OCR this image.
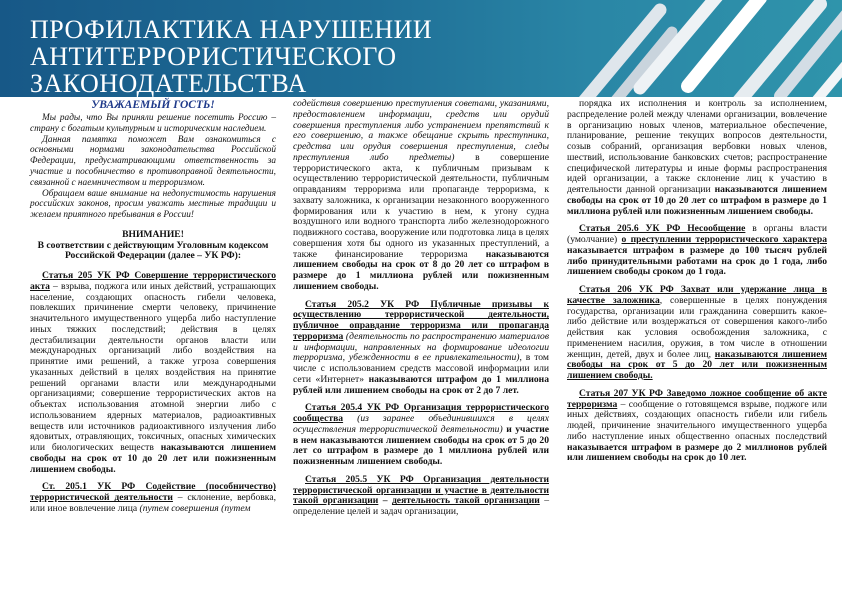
ПРОФИЛАКТИКА НАРУШЕНИИ АНТИТЕРРОРИСТИЧЕСКОГО ЗАКОНОДАТЕЛЬСТВА

УВАЖАЕМЫЙ ГОСТЬ!

Мы рады, что Вы приняли решение посетить Россию – страну с богатым культурным и историческим наследием.

Данная памятка поможет Вам ознакомиться с основными нормами законодательства Российской Федерации, предусматривающими ответственность за участие и пособничество в противоправной деятельности, связанной с наемничеством и терроризмом.

Обращаем ваше внимание на недопустимость нарушения российских законов, просим уважать местные традиции и желаем приятного пребывания в России!

ВНИМАНИЕ!

В соответствии с действующим Уголовным кодексом Российской Федерации (далее – УК РФ):

Статья 205 УК РФ Совершение террористического акта – взрыва, поджога или иных действий, устрашающих население, создающих опасность гибели человека, повлекших причинение смерти человеку, причинение значительного имущественного ущерба либо наступление иных тяжких последствий; действия в целях дестабилизации деятельности органов власти или международных организаций либо воздействия на принятие ими решений, а также угроза совершения указанных действий в целях воздействия на принятие решений органами власти или международными организациями; совершение террористических актов на объектах использования атомной энергии либо с использованием ядерных материалов, радиоактивных веществ или источников радиоактивного излучения либо ядовитых, отравляющих, токсичных, опасных химических или биологических веществ наказываются лишением свободы на срок от 10 до 20 лет или пожизненным лишением свободы.

Ст. 205.1 УК РФ Содействие (пособничество) террористической деятельности – склонение, вербовка, или иное вовлечение лица (путем совершения (путем

содействия совершению преступления советами, указаниями, предоставлением информации, средств или орудий совершения преступления либо устранением препятствий к его совершению, а также обещание скрыть преступника, средства или орудия совершения преступления, следы преступления либо предметы) в совершение террористического акта, к публичным призывам к осуществлению террористической деятельности, публичным оправданиям терроризма или пропаганде терроризма, к захвату заложника, к организации незаконного вооруженного формирования или к участию в нем, к угону судна воздушного или водного транспорта либо железнодорожного подвижного состава, вооружение или подготовка лица в целях совершения хотя бы одного из указанных преступлений, а также финансирование терроризма наказываются лишением свободы на срок от 8 до 20 лет со штрафом в размере до 1 миллиона рублей или пожизненным лишением свободы.

Статья 205.2 УК РФ Публичные призывы к осуществлению террористической деятельности, публичное оправдание терроризма или пропаганда терроризма (деятельность по распространению материалов и информации, направленных на формирование идеологии терроризма, убежденности в ее привлекательности), в том числе с использованием средств массовой информации или сети «Интернет» наказываются штрафом до 1 миллиона рублей или лишением свободы на срок от 2 до 7 лет.

Статья 205.4 УК РФ Организация террористического сообщества (из заранее объединившихся в целях осуществления террористической деятельности) и участие в нем наказываются лишением свободы на срок от 5 до 20 лет со штрафом в размере до 1 миллиона рублей или пожизненным лишением свободы.

Статья 205.5 УК РФ Организация деятельности террористической организации и участие в деятельности такой организации – деятельность такой организации – определение целей и задач организации,

порядка их исполнения и контроль за исполнением, распределение ролей между членами организации, вовлечение в организацию новых членов, материальное обеспечение, планирование, решение текущих вопросов деятельности, созыв собраний, организация вербовки новых членов, шествий, использование банковских счетов; распространение специфической литературы и иные формы распространения идей организации, а также склонение лиц к участию в деятельности данной организации наказываются лишением свободы на срок от 10 до 20 лет со штрафом в размере до 1 миллиона рублей или пожизненным лишением свободы.

Статья 205.6 УК РФ Несообщение в органы власти (умолчание) о преступлении террористического характера наказывается штрафом в размере до 100 тысяч рублей либо принудительными работами на срок до 1 года, либо лишением свободы сроком до 1 года.

Статья 206 УК РФ Захват или удержание лица в качестве заложника, совершенные в целях понуждения государства, организации или гражданина совершить какое-либо действие или воздержаться от совершения какого-либо действия как условия освобождения заложника, с применением насилия, оружия, в том числе в отношении женщин, детей, двух и более лиц, наказываются лишением свободы на срок от 5 до 20 лет или пожизненным лишением свободы.

Статья 207 УК РФ Заведомо ложное сообщение об акте терроризма – сообщение о готовящемся взрыве, поджоге или иных действиях, создающих опасность гибели или гибель людей, причинение значительного имущественного ущерба либо наступление иных общественно опасных последствий наказывается штрафом в размере до 2 миллионов рублей или лишением свободы на срок до 10 лет.
